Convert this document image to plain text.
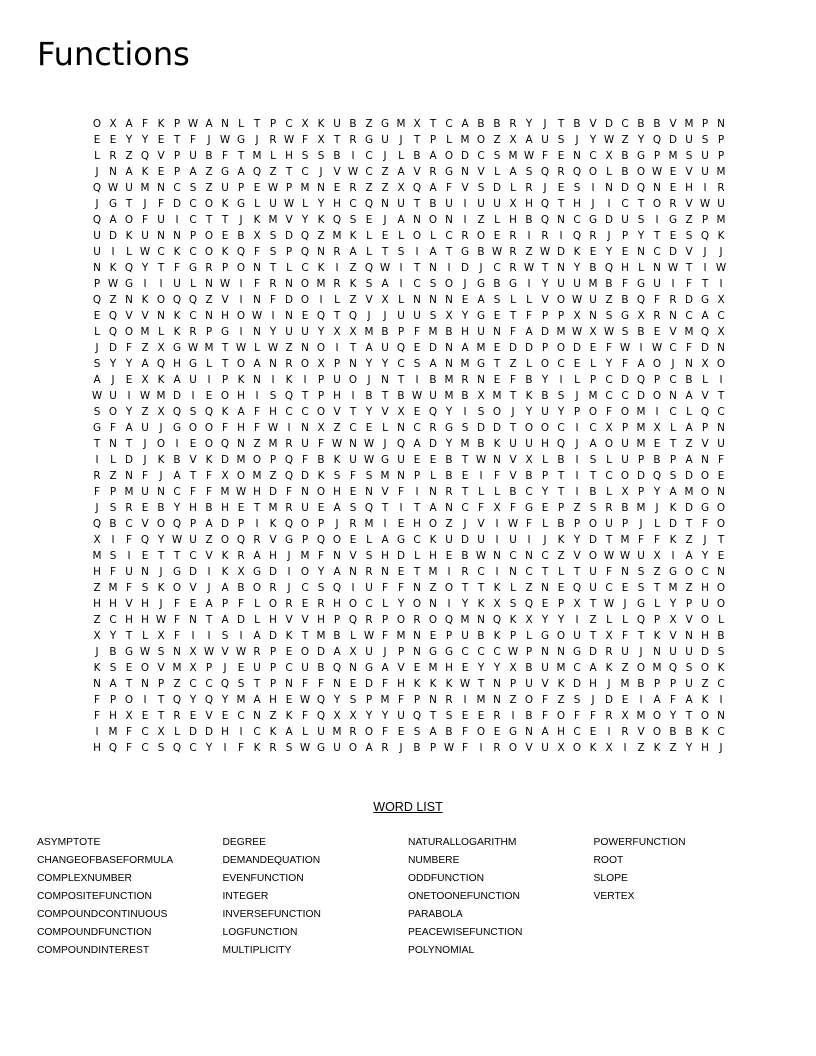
Functions
O X A F K P W A N L T P C X K U B Z G M X T C A B B R Y	J	T B V D C B B V M P N
E E Y Y E T F	J W G	J	R W F X T R G U	J	T P L M O Z X A U S	J	Y W Z Y Q D U S P
L R Z Q V P U B F T M L H S S B	I	C	J	L B A O D C S M W F E N C X B G P M S U P
J	N A K E P A Z G A Q Z T C	J	V W C Z A V R G N V L A S Q R Q O L B O W E V U M
Q W U M N C S Z U P E W P M N E R Z Z X Q A F V S D L R	J	E S	I	N D Q N E H	I	R
J	G T	J	F D C O K G L U W L Y H C Q N U T B U	I	U U X H Q T H	J	I	C T O R V W U
Q A O F U	I	C T T	J	K M V Y K Q S E	J	A N O N	I	Z L H B Q N C G D U S	I	G Z P M
U D K U N N P O E B X S D Q Z M K L E L O L C R O E R	I	R	I Q R	J	P Y T E S Q K
U	I	L W C K C O K Q F S P Q N R A L T S	I	A T G B W R Z W D K E Y E N C D V	J	J
N K Q Y T F G R P O N T L C K	I	Z Q W I	T N	I	D	J	C R W T N Y B Q H L N W T	I W
P W G	I	I	U L N W I	F R N O M R K S A	I	C S O J	G B G	I	Y U U M B F G U	I	F T	I
Q Z N K O Q Q Z V	I	N F D O I	L Z V X L N N N E A S L L V O W U Z B Q F R D G X
E Q V V N K C N H O W I	N E Q T Q J	J	U U S X Y G E T F P P X N S G X R N C A C
L Q O M L K R P G	I	N Y U U Y X X M B P F M B H U N F A D M W X W S B E V M Q X
J	D F Z X G W M T W L W Z N O I	T A U Q E D N A M E D D P O D E F W I W C F D N
S Y Y A Q H G L T O A N R O X P N Y Y C S A N M G T Z L O C E L Y F A O J	N X O
A	J	E X K A U	I	P K N	I	K	I	P U O J	N T	I	B M R N E F B Y	I	L P C D Q P C B L	I
W U	I W M D	I	E O H	I	S Q T P H	I	B T B W U M B X M T K B S	J M C C D O N A V T
S O Y Z X Q S Q K A F H C C O V T Y V X E Q Y	I	S O J	Y U Y P O F O M I	C L Q C
G F A U	J	G O O F H F W I	N X Z C E L N C R G S D D T O O C	I	C X P M X L A P N
T N T	J O I	E O Q N Z M R U F W N W J Q A D Y M B K U U H Q J	A O U M E T Z V U
I	L D	J	K B V K D M O P Q F B K U W G U E E B T W N V X L B	I	S L U P B P A N F
R Z N F	J	A T F X O M Z Q D K S F S M N P L B E	I	F V B P T	I	T C O D Q S D O E
F P M U N C F F M W H D F N O H E N V F	I	N R T L L B C Y T	I	B L X P Y A M O N
J	S R E B Y H B H E T M R U E A S Q T	I	T A N C F X F G E P Z S R B M J	K D G O
Q B C V O Q P A D P	I	K Q O P	J	R M I	E H O Z	J	V	I W F L B P O U P	J	L D T F O
X	I	F Q Y W U Z O Q R V G P Q O E L A G C K U D U	I	U	I	J	K Y D T M F F K Z	J	T
M S	I	E T T C V K R A H	J M F N V S H D L H E B W N C N C Z V O W W U X	I	A Y E
H F U N	J	G D	I	K X G D	I O Y A N R N E T M I	R C	I	N C T L T U F N S Z G O C N
Z M F S K O V	J	A B O R	J	C S Q I	U F F N Z O T T K L Z N E Q U C E S T M Z H O
H H V H	J	F E A P F L O R E R H O C L Y O N	I	Y K X S Q E P X T W J	G L Y P U O
Z C H H W F N T A D L H V V H P Q R P O R O Q M N Q K X Y Y	I	Z L L Q P X V O L
X Y T L X F	I	I	S	I	A D K T M B L W F M N E P U B K P L G O U T X F T K V N H B
J	B G W S N X W V W R P E O D A X U	J	P N G G C C C W P N N G D R U	J	N U U D S
K S E O V M X P	J	E U P C U B Q N G A V E M H E Y Y X B U M C A K Z O M Q S O K
N A T N P Z C C Q S T P N F F N E D F H K K K W T N P U V K D H	J M B P P U Z C
F P O I	T Q Y Q Y M A H E W Q Y S P M F P N R	I M N Z O F Z S	J	D E	I	A F A K	I
F H X E T R E V E C N Z K F Q X X Y Y U Q T S E E R	I	B F O F F R X M O Y T O N
I M F C X L D D H	I	C K A L U M R O F E S A B F O E G N A H C E	I	R V O B B K C
H Q F C S Q C Y	I	F K R S W G U O A R	J	B P W F	I	R O V U X O K X	I	Z K Z Y H	J
WORD LIST
ASYMPTOTE
CHANGEOFBASEFORMULA
COMPLEXNUMBER
COMPOSITEFUNCTION
COMPOUNDCONTINUOUS
COMPOUNDFUNCTION
COMPOUNDINTEREST
DEGREE
DEMANDEQUATION
EVENFUNCTION
INTEGER
INVERSEFUNCTION
LOGFUNCTION
MULTIPLICITY
NATURALLOGARITHM
NUMBERE
ODDFUNCTION
ONETOONEFUNCTION
PARABOLA
PEACEWISEFUNCTION
POLYNOMIAL
POWERFUNCTION
ROOT
SLOPE
VERTEX
